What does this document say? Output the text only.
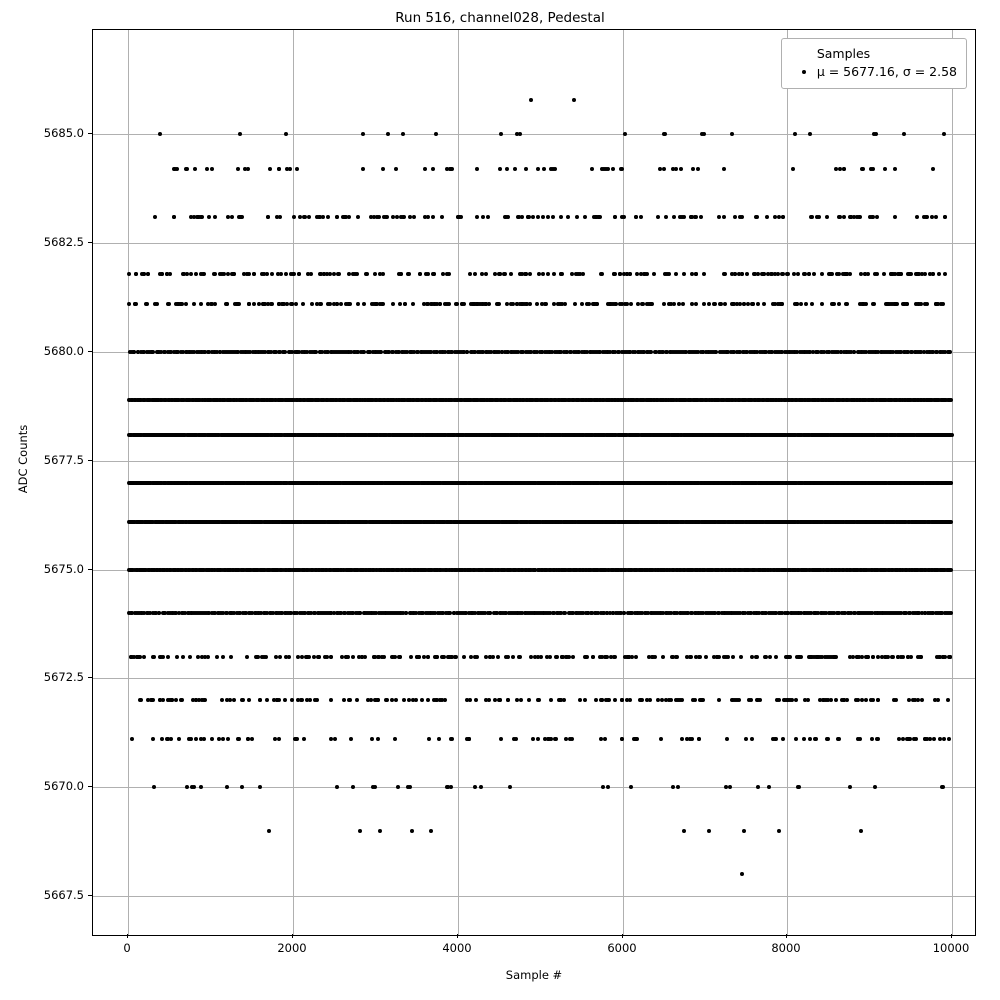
Run 516, channel028, Pedestal
Samples
μ = 5677.16, σ = 2.58
0	2000	4000	6000	8000	10000
5667.5
5670.0
5672.5
5675.0
5677.5
5680.0
5682.5
5685.0
Sample #
ADC Counts
